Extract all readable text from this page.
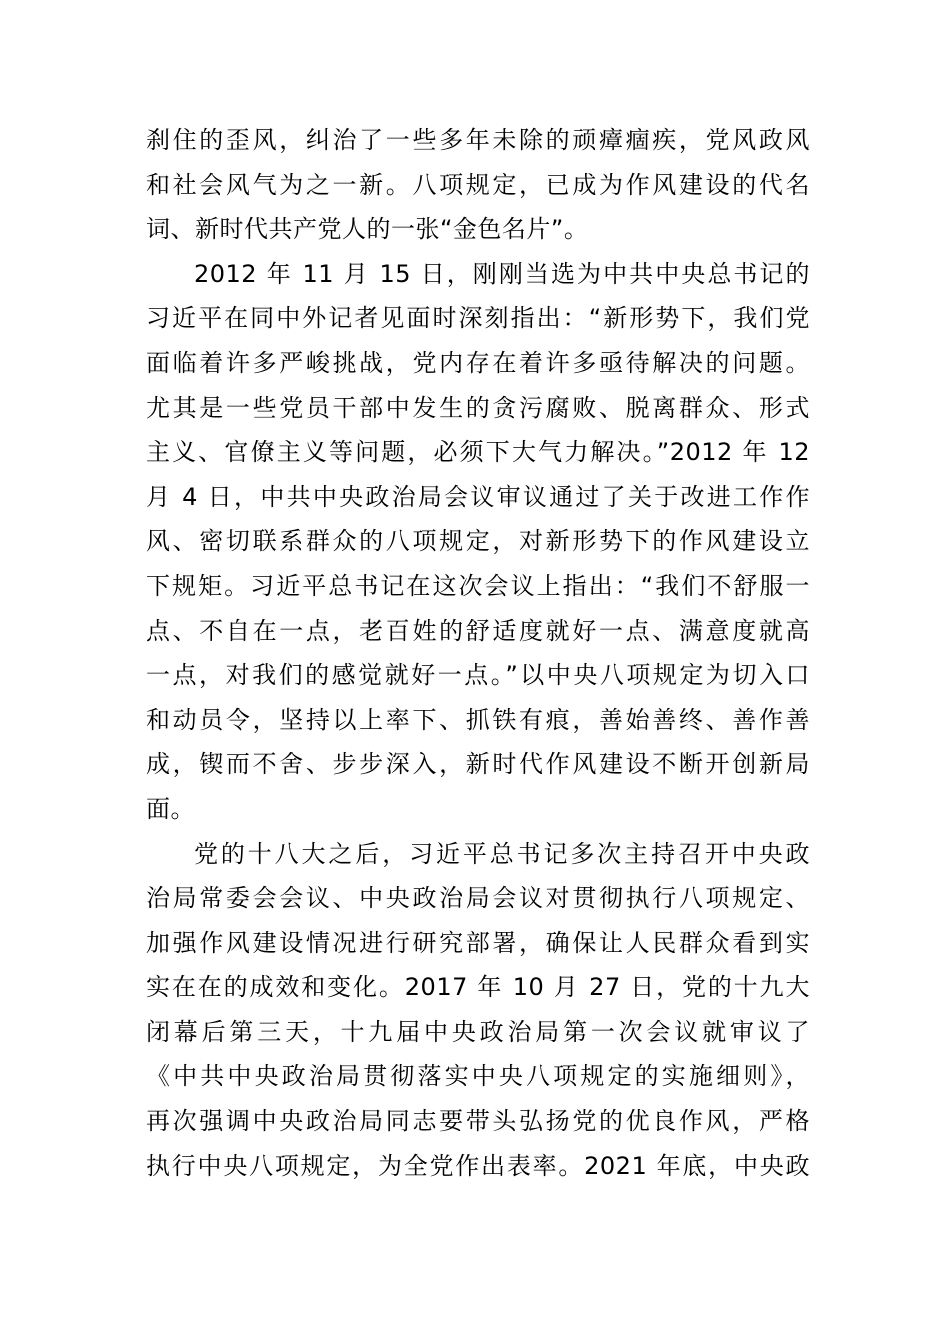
刹住的歪风，纠治了一些多年未除的顽瘴痼疾，党风政风
和社会风气为之一新。八项规定，已成为作风建设的代名
词、新时代共产党人的一张“金色名片”。
2012 年 11 月 15 日，刚刚当选为中共中央总书记的
习近平在同中外记者见面时深刻指出：“新形势下，我们党
面临着许多严峻挑战，党内存在着许多亟待解决的问题。
尤其是一些党员干部中发生的贪污腐败、脱离群众、形式
主义、官僚主义等问题，必须下大气力解决。”2012 年 12
月 4 日，中共中央政治局会议审议通过了关于改进工作作
风、密切联系群众的八项规定，对新形势下的作风建设立
下规矩。习近平总书记在这次会议上指出：“我们不舒服一
点、不自在一点，老百姓的舒适度就好一点、满意度就高
一点，对我们的感觉就好一点。”以中央八项规定为切入口
和动员令，坚持以上率下、抓铁有痕，善始善终、善作善
成，锲而不舍、步步深入，新时代作风建设不断开创新局
面。
党的十八大之后，习近平总书记多次主持召开中央政
治局常委会会议、中央政治局会议对贯彻执行八项规定、
加强作风建设情况进行研究部署，确保让人民群众看到实
实在在的成效和变化。2017 年 10 月 27 日，党的十九大
闭幕后第三天，十九届中央政治局第一次会议就审议了
《中共中央政治局贯彻落实中央八项规定的实施细则》，
再次强调中央政治局同志要带头弘扬党的优良作风，严格
执行中央八项规定，为全党作出表率。2021 年底，中央政
